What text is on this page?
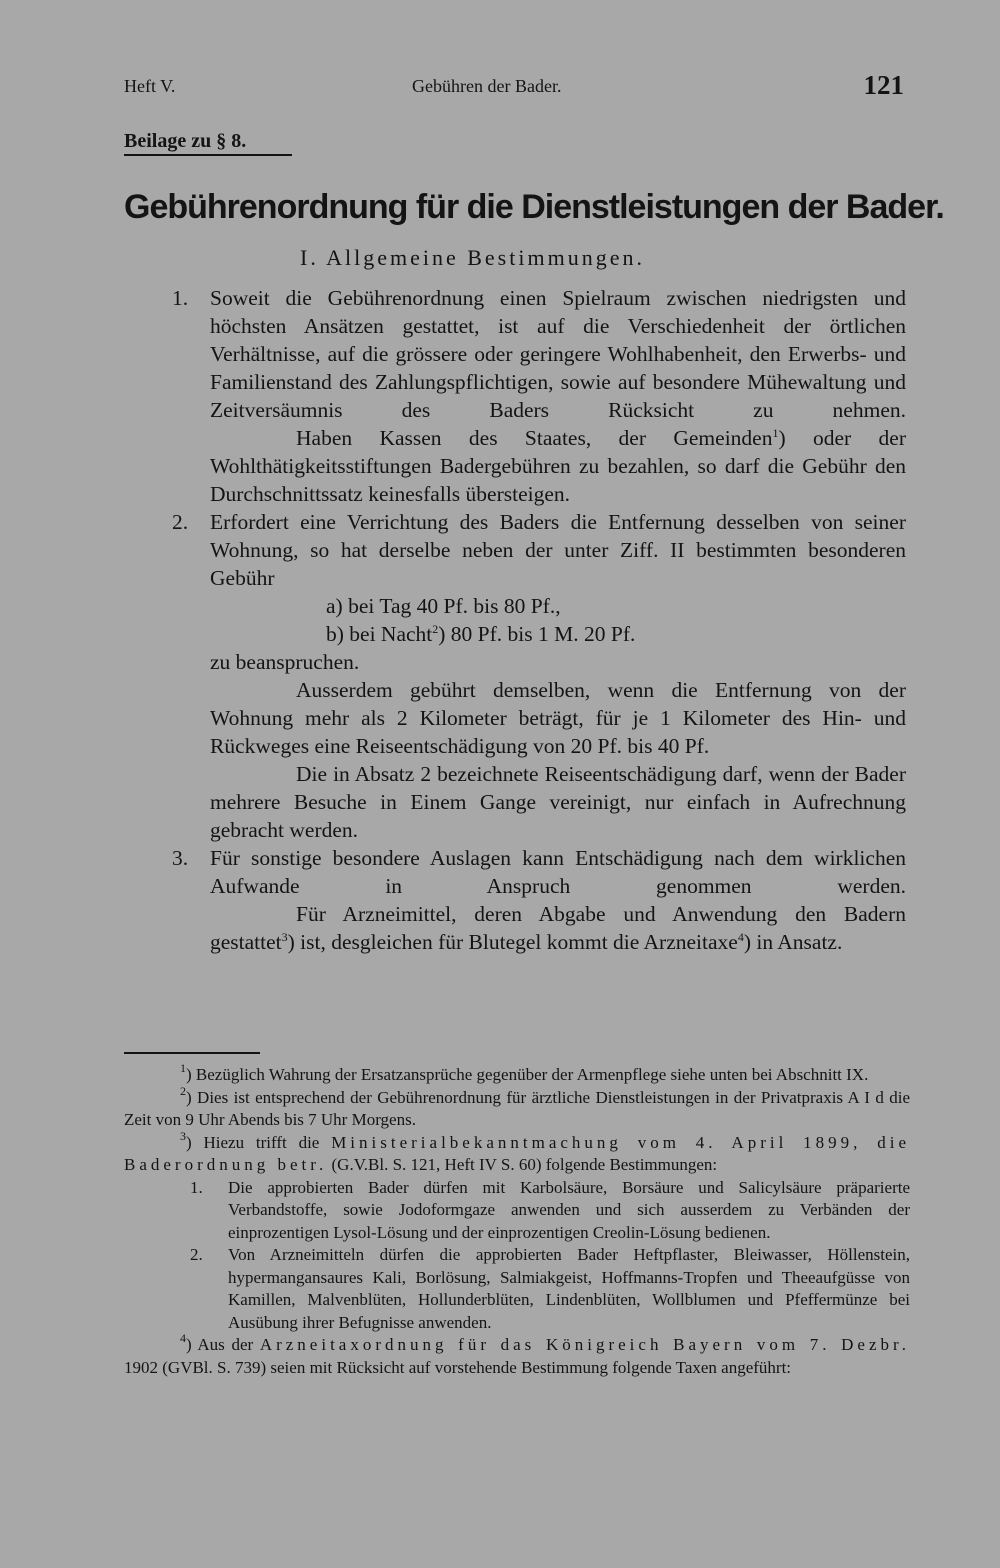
Heft V.	Gebühren der Bader.	121
Beilage zu § 8.
Gebührenordnung für die Dienstleistungen der Bader.
I. Allgemeine Bestimmungen.
1. Soweit die Gebührenordnung einen Spielraum zwischen niedrigsten und höchsten Ansätzen gestattet, ist auf die Verschiedenheit der örtlichen Verhältnisse, auf die grössere oder geringere Wohlhabenheit, den Erwerbs- und Familienstand des Zahlungspflichtigen, sowie auf besondere Mühewaltung und Zeitversäumnis des Baders Rücksicht zu nehmen.
Haben Kassen des Staates, der Gemeinden$^1$) oder der Wohlthätigkeitsstiftungen Badergebühren zu bezahlen, so darf die Gebühr den Durchschnittssatz keinesfalls übersteigen.
2. Erfordert eine Verrichtung des Baders die Entfernung desselben von seiner Wohnung, so hat derselbe neben der unter Ziff. II bestimmten besonderen Gebühr
a) bei Tag 40 Pf. bis 80 Pf.,
b) bei Nacht$^2$) 80 Pf. bis 1 M. 20 Pf.
zu beanspruchen.
Ausserdem gebührt demselben, wenn die Entfernung von der Wohnung mehr als 2 Kilometer beträgt, für je 1 Kilometer des Hin- und Rückweges eine Reiseentschädigung von 20 Pf. bis 40 Pf.
Die in Absatz 2 bezeichnete Reiseentschädigung darf, wenn der Bader mehrere Besuche in Einem Gange vereinigt, nur einfach in Aufrechnung gebracht werden.
3. Für sonstige besondere Auslagen kann Entschädigung nach dem wirklichen Aufwande in Anspruch genommen werden.
Für Arzneimittel, deren Abgabe und Anwendung den Badern gestattet$^3$) ist, desgleichen für Blutegel kommt die Arzneitaxe$^4$) in Ansatz.
$^1$) Bezüglich Wahrung der Ersatzansprüche gegenüber der Armenpflege siehe unten bei Abschnitt IX.
$^2$) Dies ist entsprechend der Gebührenordnung für ärztliche Dienstleistungen in der Privatpraxis A I d die Zeit von 9 Uhr Abends bis 7 Uhr Morgens.
$^3$) Hiezu trifft die Ministerialbekanntmachung vom 4. April 1899, die Baderordnung betr. (G.V.Bl. S. 121, Heft IV S. 60) folgende Bestimmungen:
1. Die approbierten Bader dürfen mit Karbolsäure, Borsäure und Salicylsäure präparierte Verbandstoffe, sowie Jodoformgaze anwenden und sich ausserdem zu Verbänden der einprozentigen Lysol-Lösung und der einprozentigen Creolin-Lösung bedienen.
2. Von Arzneimitteln dürfen die approbierten Bader Heftpflaster, Bleiwasser, Höllenstein, hypermangansaures Kali, Borlösung, Salmiakgeist, Hoffmanns-Tropfen und Theeaufgüsse von Kamillen, Malvenblüten, Hollunderblüten, Lindenblüten, Wollblumen und Pfeffermünze bei Ausübung ihrer Befugnisse anwenden.
$^4$) Aus der Arzneitaxordnung für das Königreich Bayern vom 7. Dezbr. 1902 (GVBl. S. 739) seien mit Rücksicht auf vorstehende Bestimmung folgende Taxen angeführt:
